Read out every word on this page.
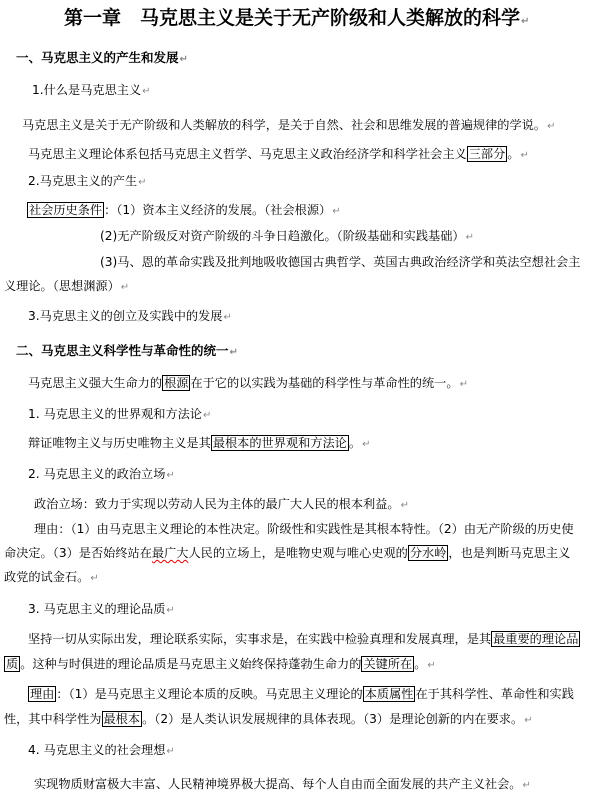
第一章　马克思主义是关于无产阶级和人类解放的科学↵
一、马克思主义的产生和发展↵
1.什么是马克思主义↵
马克思主义是关于无产阶级和人类解放的科学，是关于自然、社会和思维发展的普遍规律的学说。↵
马克思主义理论体系包括马克思主义哲学、马克思主义政治经济学和科学社会主义 三部分 。↵
2.马克思主义的产生↵
社会历史条件 ：（1）资本主义经济的发展。（社会根源）↵
(2)无产阶级反对资产阶级的斗争日趋激化。（阶级基础和实践基础）↵
(3)马、恩的革命实践及批判地吸收德国古典哲学、英国古典政治经济学和英法空想社会主
义理论。（思想渊源）↵
3.马克思主义的创立及实践中的发展↵
二、马克思主义科学性与革命性的统一↵
马克思主义强大生命力的 根源 在于它的以实践为基础的科学性与革命性的统一。↵
1. 马克思主义的世界观和方法论↵
辩证唯物主义与历史唯物主义是其 最根本的世界观和方法论 。↵
2. 马克思主义的政治立场↵
政治立场：致力于实现以劳动人民为主体的最广大人民的根本利益。↵
理由：（1）由马克思主义理论的本性决定。阶级性和实践性是其根本特性。（2）由无产阶级的历史使
命决定。（3）是否始终站在最广大人民的立场上，是唯物史观与唯心史观的 分水岭 ，也是判断马克思主义
政党的试金石。↵
3. 马克思主义的理论品质↵
坚持一切从实际出发，理论联系实际，实事求是，在实践中检验真理和发展真理，是其 最重要的理论品
质 。这种与时俱进的理论品质是马克思主义始终保持蓬勃生命力的 关键所在 。↵
理由 ：（1）是马克思主义理论本质的反映。马克思主义理论的 本质属性 在于其科学性、革命性和实践
性，其中科学性为 最根本 。（2）是人类认识发展规律的具体表现。（3）是理论创新的内在要求。↵
4. 马克思主义的社会理想↵
实现物质财富极大丰富、人民精神境界极大提高、每个人自由而全面发展的共产主义社会。↵
